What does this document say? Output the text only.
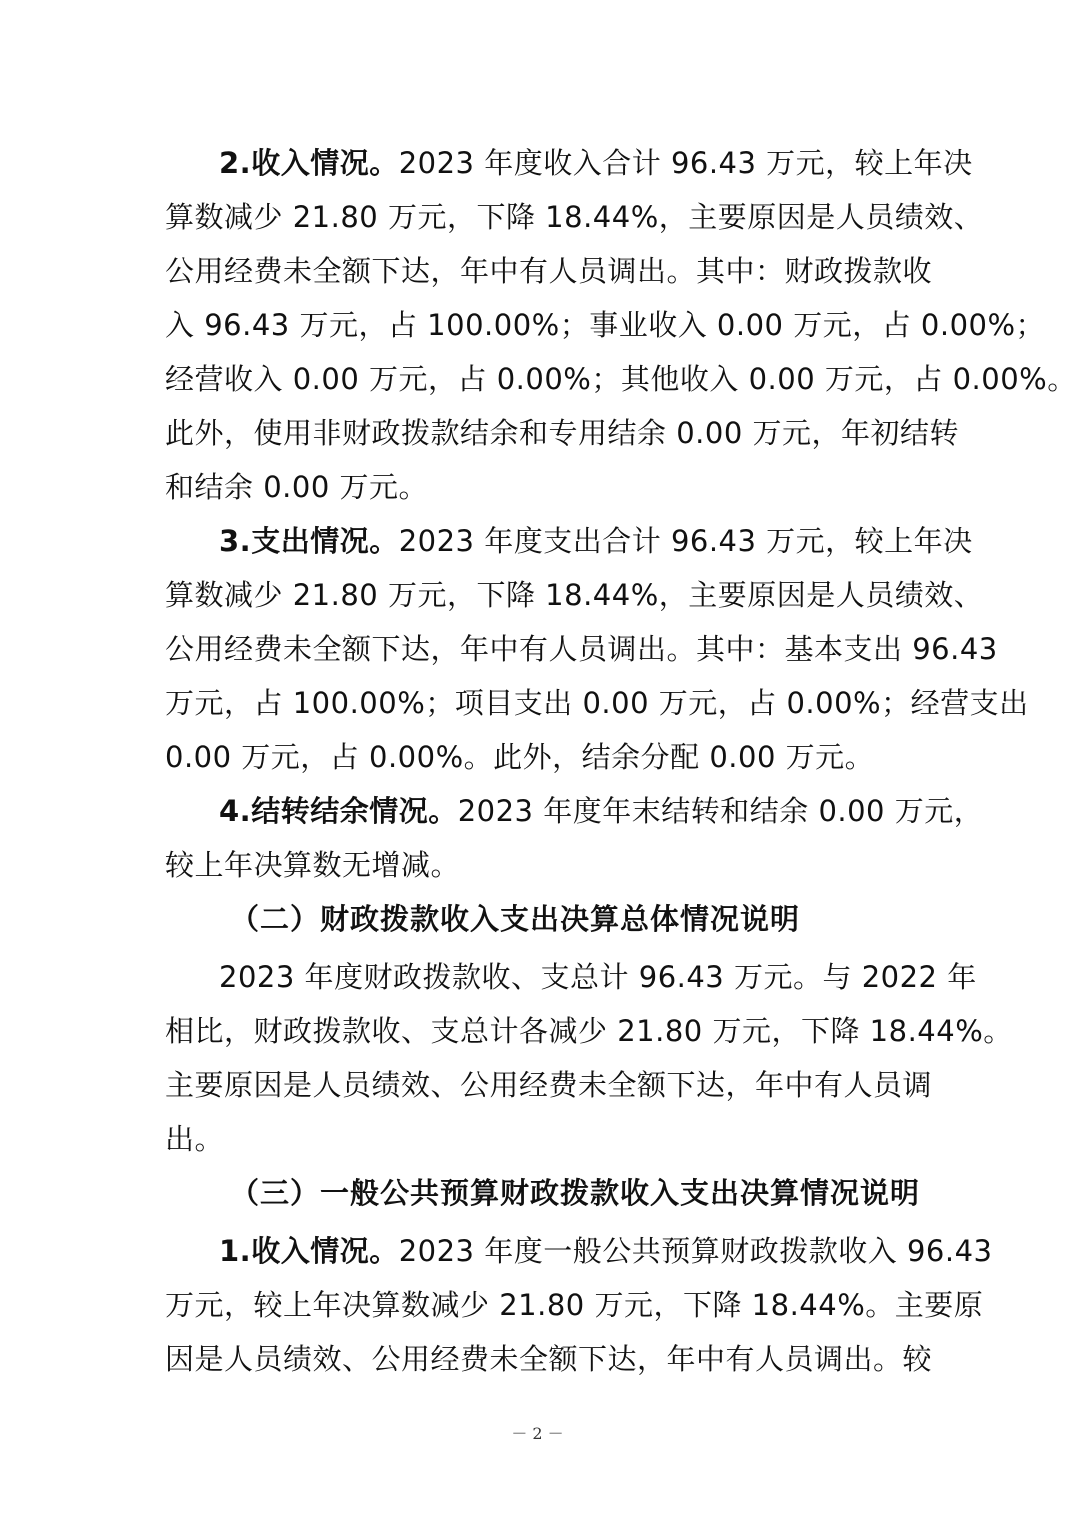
2.收入情况。2023 年度收入合计 96.43 万元，较上年决
算数减少 21.80 万元，下降 18.44%，主要原因是人员绩效、
公用经费未全额下达，年中有人员调出。其中：财政拨款收
入 96.43 万元，占 100.00%；事业收入 0.00 万元，占 0.00%；
经营收入 0.00 万元，占 0.00%；其他收入 0.00 万元，占 0.00%。
此外，使用非财政拨款结余和专用结余 0.00 万元，年初结转
和结余 0.00 万元。
3.支出情况。2023 年度支出合计 96.43 万元，较上年决
算数减少 21.80 万元，下降 18.44%，主要原因是人员绩效、
公用经费未全额下达，年中有人员调出。其中：基本支出 96.43
万元，占 100.00%；项目支出 0.00 万元，占 0.00%；经营支出
0.00 万元，占 0.00%。此外，结余分配 0.00 万元。
4.结转结余情况。2023 年度年末结转和结余 0.00 万元，
较上年决算数无增减。
（二）财政拨款收入支出决算总体情况说明
2023 年度财政拨款收、支总计 96.43 万元。与 2022 年
相比，财政拨款收、支总计各减少 21.80 万元，下降 18.44%。
主要原因是人员绩效、公用经费未全额下达，年中有人员调
出。
（三）一般公共预算财政拨款收入支出决算情况说明
1.收入情况。2023 年度一般公共预算财政拨款收入 96.43
万元，较上年决算数减少 21.80 万元，下降 18.44%。主要原
因是人员绩效、公用经费未全额下达，年中有人员调出。较
－ 2 －
